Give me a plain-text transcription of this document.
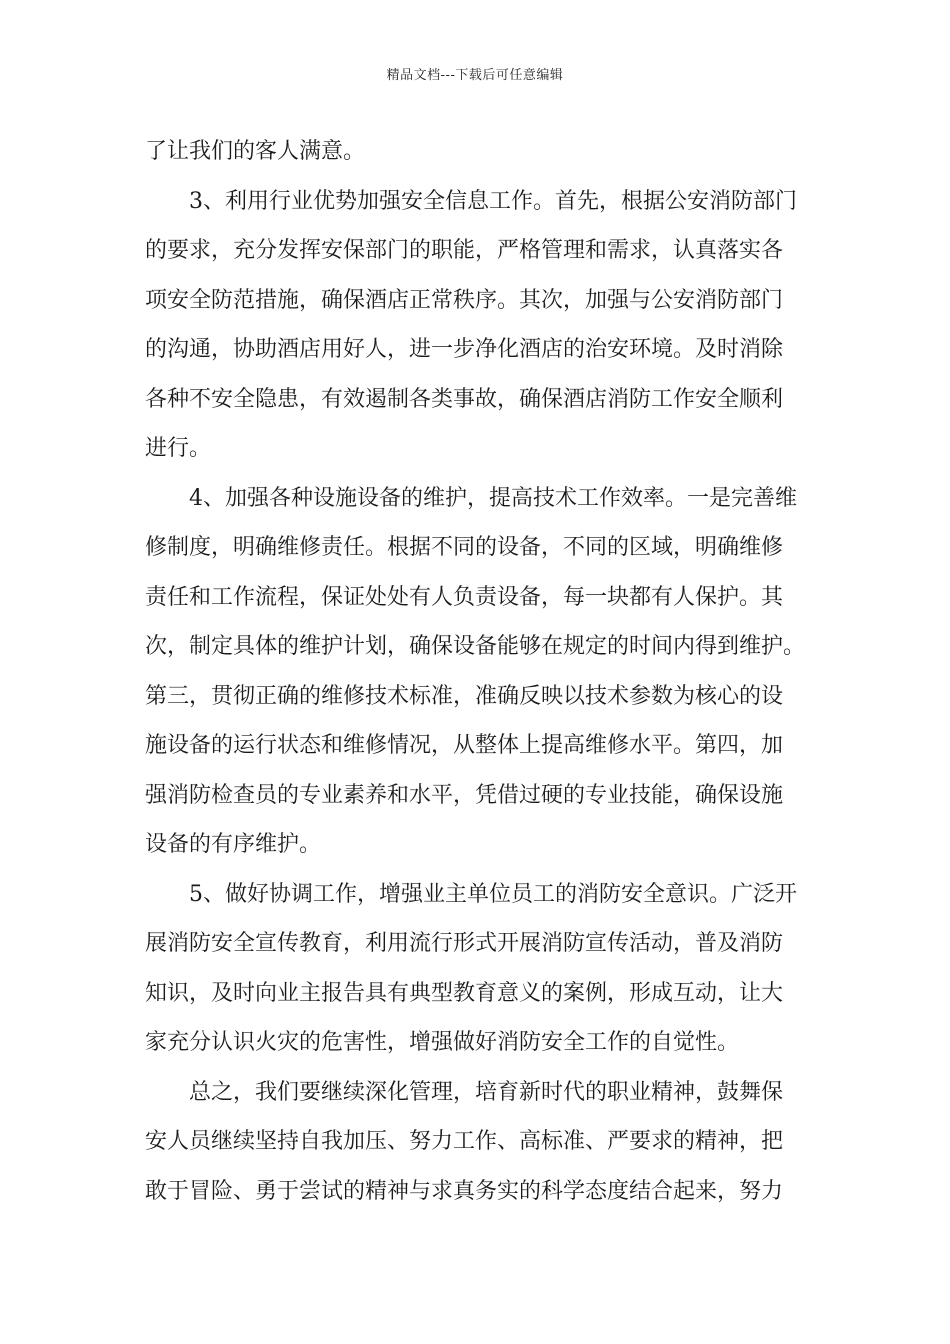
精品文档---下载后可任意编辑
了让我们的客人满意。
3、利用行业优势加强安全信息工作。首先，根据公安消防部门
的要求，充分发挥安保部门的职能，严格管理和需求，认真落实各
项安全防范措施，确保酒店正常秩序。其次，加强与公安消防部门
的沟通，协助酒店用好人，进一步净化酒店的治安环境。及时消除
各种不安全隐患，有效遏制各类事故，确保酒店消防工作安全顺利
进行。
4、加强各种设施设备的维护，提高技术工作效率。一是完善维
修制度，明确维修责任。根据不同的设备，不同的区域，明确维修
责任和工作流程，保证处处有人负责设备，每一块都有人保护。其
次，制定具体的维护计划，确保设备能够在规定的时间内得到维护。
第三，贯彻正确的维修技术标准，准确反映以技术参数为核心的设
施设备的运行状态和维修情况，从整体上提高维修水平。第四，加
强消防检查员的专业素养和水平，凭借过硬的专业技能，确保设施
设备的有序维护。
5、做好协调工作，增强业主单位员工的消防安全意识。广泛开
展消防安全宣传教育，利用流行形式开展消防宣传活动，普及消防
知识，及时向业主报告具有典型教育意义的案例，形成互动，让大
家充分认识火灾的危害性，增强做好消防安全工作的自觉性。
总之，我们要继续深化管理，培育新时代的职业精神，鼓舞保
安人员继续坚持自我加压、努力工作、高标准、严要求的精神，把
敢于冒险、勇于尝试的精神与求真务实的科学态度结合起来，努力
